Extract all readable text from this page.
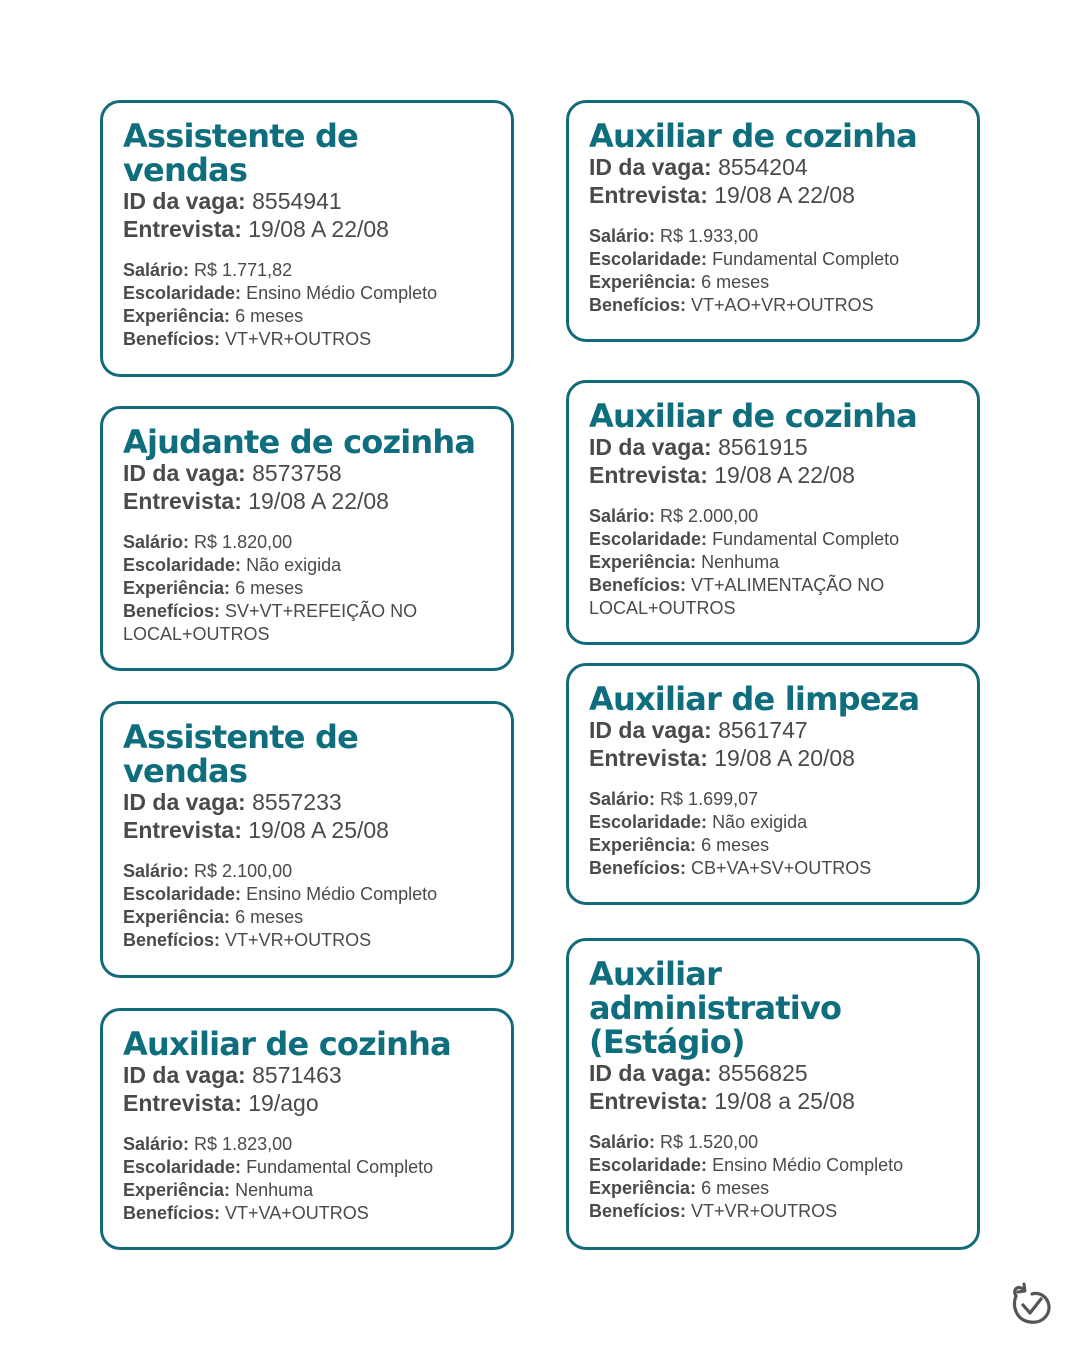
Assistente de vendas
ID da vaga: 8554941
Entrevista: 19/08 A 22/08
Salário: R$ 1.771,82
Escolaridade: Ensino Médio Completo
Experiência: 6 meses
Benefícios: VT+VR+OUTROS
Ajudante de cozinha
ID da vaga: 8573758
Entrevista: 19/08 A 22/08
Salário: R$ 1.820,00
Escolaridade: Não exigida
Experiência: 6 meses
Benefícios: SV+VT+REFEIÇÃO NO LOCAL+OUTROS
Assistente de vendas
ID da vaga: 8557233
Entrevista: 19/08 A 25/08
Salário: R$ 2.100,00
Escolaridade: Ensino Médio Completo
Experiência: 6 meses
Benefícios: VT+VR+OUTROS
Auxiliar de cozinha
ID da vaga: 8571463
Entrevista: 19/ago
Salário: R$ 1.823,00
Escolaridade: Fundamental Completo
Experiência: Nenhuma
Benefícios: VT+VA+OUTROS
Auxiliar de cozinha
ID da vaga: 8554204
Entrevista: 19/08 A 22/08
Salário: R$ 1.933,00
Escolaridade: Fundamental Completo
Experiência: 6 meses
Benefícios: VT+AO+VR+OUTROS
Auxiliar de cozinha
ID da vaga: 8561915
Entrevista: 19/08 A 22/08
Salário: R$ 2.000,00
Escolaridade: Fundamental Completo
Experiência: Nenhuma
Benefícios: VT+ALIMENTAÇÃO NO LOCAL+OUTROS
Auxiliar de limpeza
ID da vaga: 8561747
Entrevista: 19/08 A 20/08
Salário: R$ 1.699,07
Escolaridade: Não exigida
Experiência: 6 meses
Benefícios: CB+VA+SV+OUTROS
Auxiliar administrativo (Estágio)
ID da vaga: 8556825
Entrevista: 19/08 a 25/08
Salário: R$ 1.520,00
Escolaridade: Ensino Médio Completo
Experiência: 6 meses
Benefícios: VT+VR+OUTROS
